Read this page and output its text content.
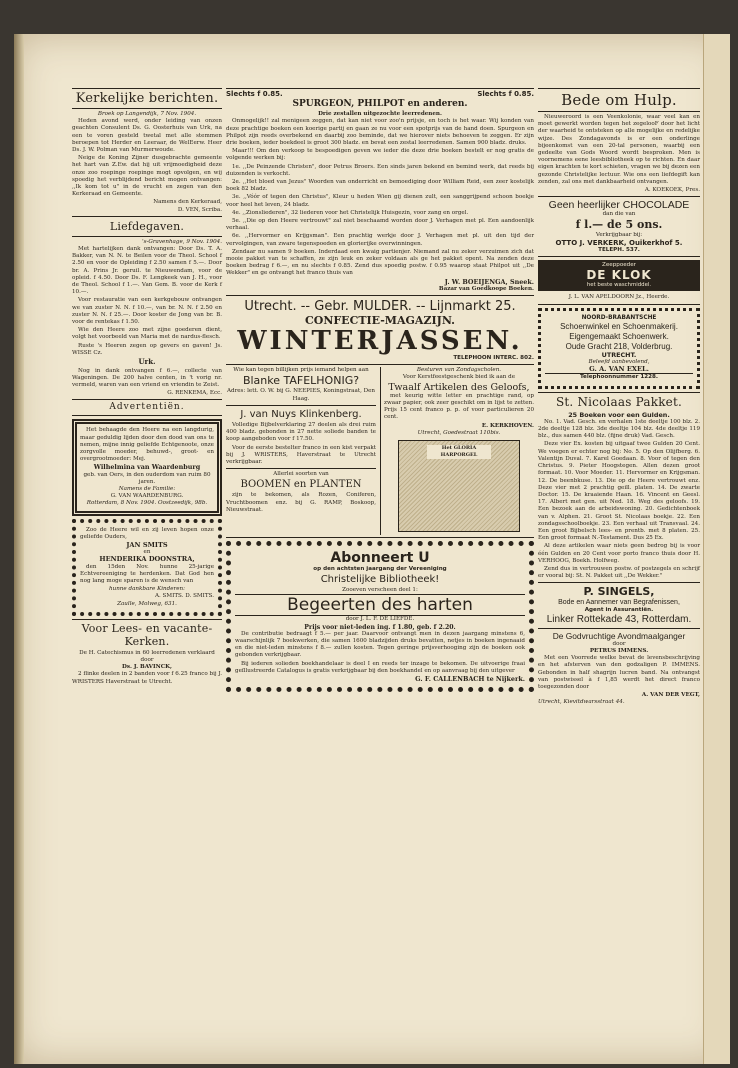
Kerkelijke berichten.
Broek op Langendijk, 7 Nov. 1904.

Heden avond werd, onder leiding van onzen geachten Consulent Ds. G. Oosterhuis van Urk, na een te voren gesteld twetal met alle stemmen beroepen tot Herder en Leeraar, de WelEerw. Heer Ds. J. W. Polman van Murmerwoude.

Neige de Koning Zijner dusgebrachte gemeente het hart van Z.Ew. dat hij uit vrijmoedigheid deze onze zoo roepinge roepinge mogt opvolgen, en wij spoedig het verblijdend bericht mogen ontvangen: ,,Ik kom tot u" in de vrucht en zegen van den Kerkeraad en Gemeente.

Namens den Kerkeraad,
D. VEN, Scriba.
Liefdegaven.
's-Gravenhage, 9 Nov. 1904.

Met hartelijken dank ontvangen: Door Ds. T. A. Bakker, van N. N. te Beilen voor de Theol. School f 2.50 en voor de Opleiding f 2.50 samen f 5.—. Door br. A. Prins Jr. geruil. te Nieuwendam, voor de opleid. f 4.50. Door Ds. F. Lengkeek van J. H., voor de Theol. School f 1.—. Van Gem. B. voor de Kerk f 10.—.

Voor restauratie van een kerkgebouw ontvangen we van zuster N. N. f 10.—, van br. N. N. f 2.50 en zuster N. N. f 25.—. Door koster de Jong van br. B. voor de rentekas f 1.50.

Wie den Heere zoo met zijne goederen dient, volgt het voorbeeld van Maria met de nardus-flesch.

Ruste 's Heeren zegen op gevers en gaven! Js. WISSE Cz.

Urk.

Nog in dank ontvangen f 6.—, collecte van Wageningen. De 200 halve centen, in 't vorig nr. vermeld, waren van een vriend en vriendin te Zeist.

G. RENKEMA, Ecc.
Advertentiën.

Het behaagde den Heere na een langdurig, maar geduldig lijden door den dood van ons te nemen, mijne innig geliefde Echtgenoote, onze zorgvolle moeder, behuwd-, groot- en overgrootmoeder: Mej.

Wilhelmina van Waardenburg
geb. van Oers, in den ouderdom van ruim 80 jaren.
Namens de Familie:
G. VAN WAARDENBURG.
Rotterdam, 8 Nov. 1904. Oostzeedijk, 98b.

Zoo de Heere wil en zij leven hopen onze geliefde Ouders,

JAN SMITS
en
HENDERIKA DOONSTRA,

den 15den Nov. hunne 25-jarige Echtvereeniging te herdenken. Dat God hen nog lang moge sparen is de wensch van

hunne dankbare Kinderen:
A. SMITS. D. SMITS.
Zaulle, Molweg, 631.
Voor Lees- en vacante-Kerken.
De H. Catechismus in 60 leerredenen verklaard door
Ds. J. BAVINCK,

2 flinke deelen in 2 banden voor f 6.25 franco bij J. WRISTERS Haverstraat te Utrecht.

Slechts f 0.85.	Slechts f 0.85.
SPURGEON, PHILPOT en anderen.
Drie zestallen uitgezochte leerredenen.

Onmogelijk!! zal menigeen zeggen, dat kan niet voor zoo'n prijsje, en toch is het waar. Wij konden van deze prachtige boeken een koerige partij en gaan ze nu voor een spotprijs van de hand doen. Spurgeon en Philpot zijn reeds overbekend en daarbij zoo beminde, dat we hierover niets behoeven te zeggen. Er zijn drie boeken, ieder boekdeel is groot 300 bladz. en bevat een zestal leerredenen. Samen 900 bladz. druks.

Maar!!! Om den verkoop te bespoedigen geven we ieder die deze drie boeken bestelt er nog gratis de volgende werken bij:

1e. ,,De Peinzende Christen", door Petrus Broers. Een sinds jaren bekend en bemind werk, dat reeds bij duizenden is verkocht.

2e. ,,Het bloed van Jezus" Woorden van onderricht en bemoediging door William Reid, een zeer kostelijk boek 82 bladz.

3e. ,,Vóór of tegen den Christus", Kleur u heden Wien gij dienen zult, een sanggrijpend schoon boekje voor heel het leven, 24 bladz.

4e. ,,Zionsliederen", 32 liederen voor het Christelijk Huisgezin, voor zang en orgel.

5e. ,,Die op den Heere vertrouwt" zal niet beschaamd worden door J. Verhagen met pl. Een aandoenlijk verhaal.

6e. ,,Hervormer en Krijgsman". Een prachtig werkje door J. Verhagen met pl. uit den tijd der vervolgingen, van zware tegenspoeden en glorierijke overwinningen.

Zendaar nu samen 9 boeken. Inderdaad een kwaig partienjer. Niemand zal nu zeker verzuimen zich dat mooie pakket van te schaffen, ze zijn leuk en zeker voldaan als ge het pakket opent. Na zenden deze boeken bedrag f 6.—, en nu slechts f 0.85. Zend dus spoedig postw. f 0.95 waarop staat Philpot uit ,,De Wekker" en ge ontvangt het franco thuis van

J. W. BOEIJENGA, Sneek.
Bazar van Goedkoope Boeken.
Utrecht. -- Gebr. MULDER. -- Lijnmarkt 25.
CONFECTIE-MAGAZIJN.
WINTERJASSEN.
TELEPHOON INTERC. 802.
Wie kan tegen billijken prijs iemand helpen aan
Blanke TAFELHONIG?
Adres: lett. O. W. bij G. NEEPIES, Koningstraat, Den Haag.
J. van Nuys Klinkenberg.

Volledige Bijbelverklaring 27 deelen als drei ruim 400 bladz. gebonden in 27 nette soliede banden te koop aangeboden voor f 17.50.

Voor de eerste bestelter franco in een kist verpakt bij J. WRISTERS, Haverstraat te Utrecht verkrijgbaar.

Allerlei soorten van
BOOMEN en PLANTEN

zijn te bekomen, als Rozen, Coniferen, Vruchtboomen enz. bij G. RAMP, Boskoop, Nieuwstraat.

Besturen van Zondagscholen.
Voor Kerstfeestgeschenk bied ik aan de
Twaalf Artikelen des Geloofs,

met keurig witte letter en prachtige rand, op zwaar papier, ook zeer geschikt om in lijst te zetten. Prijs 15 cent franco p. p. of voor particulieren 20 cent.

E. KERKHOVEN.
Utrecht, Goedestraat 110bis.
Het GLORIA HARPORGEL
Abonneert U
op den achtsten jaargang der Vereeniging
Christelijke Bibliotheek!
Zooeven verscheen deel 1:
Begeerten des harten
door J. L. F. DE LIEFDE.
Prijs voor niet-leden ing. f 1.80, geb. f 2.20.

De contributie bedraagt f 5.— per jaar. Daarvoor ontvangt men in dezen jaargang minstens 6, waarschijnlijk 7 boekwerken, die samen 1600 bladzijden druks bevatten, netjes in boeken ingenaaid en die niet-leden minstens f 8.— zullen kosten. Tegen geringe prijsverhooging zijn de boeken ook gebonden verkrijgbaar.

Bij iederen solieden boekhandelaar is deel I en reeds ter inzage te bekomen. De uitvoerige fraai geïllustreerde Catalogus is gratis verkrijgbaar bij den boekhandel en op aanvraag bij den uitgever

G. F. CALLENBACH te Nijkerk.
Bede om Hulp.

Nieuweroord is een Veenkolonie, waar veel kan en moet gewerkt worden tegen het zegelooF door het licht der waarheid te ontsteken op alle mogelijke en redelijke wijze. Des Zondagavonds is er een onderlinge bijeenkomst van een 20-tal personen, waarbij een gedeelte van Gods Woord wordt besproken. Men is voornemens eene leesbibliotheek op te richten. En daar eigen krachten te kort schieten, vragen we bij dezen een gezonde Christelijke lectuur. Wie ons een liefdegift kan zenden, zal ons met dankbaarheid ontvangen.

A. KOEKOEK, Pres.
Geen heerlijker CHOCOLADE
dan die van
f l.— de 5 ons.
Verkrijgbaar bij:
OTTO J. VERKERK, Ouikerkhof 5.
TELEPH. 537.
Zeeppoeder
DE KLOK
het beste waschmiddel.
J. L. VAN APELDOORN Jz., Heerde.
NOORD-BRABANTSCHE
Schoenwinkel en Schoenmakerij.
Eigengemaakt Schoenwerk.
Oude Gracht 218, Volderbrug.
UTRECHT.
Beleefd aanbevolend,
G. A. VAN EXEL.
Telephoonnummer 1228.
St. Nicolaas Pakket.
25 Boeken voor een Gulden.

No. 1. Vad. Gesch. en verhalen 1ste deeltje 100 blz. 2. 2de deeltje 128 blz. 3de deeltje 104 blz. 4de deeltje 119 blz., dus samen 440 blz. (fijne druk) Vad. Gesch.

Deze vier Ex. kosten bij uitgaaf twee Gulden 20 Cent. We voegen er echter nog bij: No. 5. Op den Olijfberg. 6. Valentijn Duval. 7. Karel Goedaan. 8. Voor of tegen den Christus. 9. Pieter Hoogstegen. Allen dezen groot formaat. 10. Voor Moeder. 11. Hervormer en Krijgsman. 12. De beenbkuse. 13. Die op de Heere vertrouwt enz. Deze vier met 2 prachtig geill. platen. 14. De zwarte Doctor. 15. De kraaiende Haan. 16. Vincent en Geesl. 17. Albert met gen. uit Ned. 18. Weg des geloofs. 19. Een bezoek aan de arbeidswoning. 20. Gedichtenboek van v. Alphen. 21. Groot St. Nicolaas boekje. 22. Een zondagsschoolboekje. 23. Een verhaal uit Transvaal. 24. Een groot Bijbelsch lees- en prentb. met 8 platen. 25. Een groot formaat N.-Testament. Dus 25 Ex.

Al deze artikelen waar niets geen bedrog bij is voor één Gulden en 20 Cent voor porto franco thuis door H. VERHOOG, Boekh. Holfweg.

Zend dus in vertrouwen postw. of postzegels en schrijf er vooral bij: St. N. Pakket uit ,,De Wekker."

P. SINGELS,
Bode en Aannemer van Begrafenissen,
Agent in Assurantiën.
Linker Rottekade 43, Rotterdam.
De Godvruchtige Avondmaalganger
door
PETRUS IMMENS.

Met een Voorrede welke bevat de levensbeschrijving en het afsterven van den godzaligen P. IMMENS. Gebonden in half shagrijn lucren band. Na ontvangst van postwissel à f 1,85 werdt het direct franco toegezonden door

A. VAN DER VEGT,
Utrecht, Kievitdwarsstraat 44.
